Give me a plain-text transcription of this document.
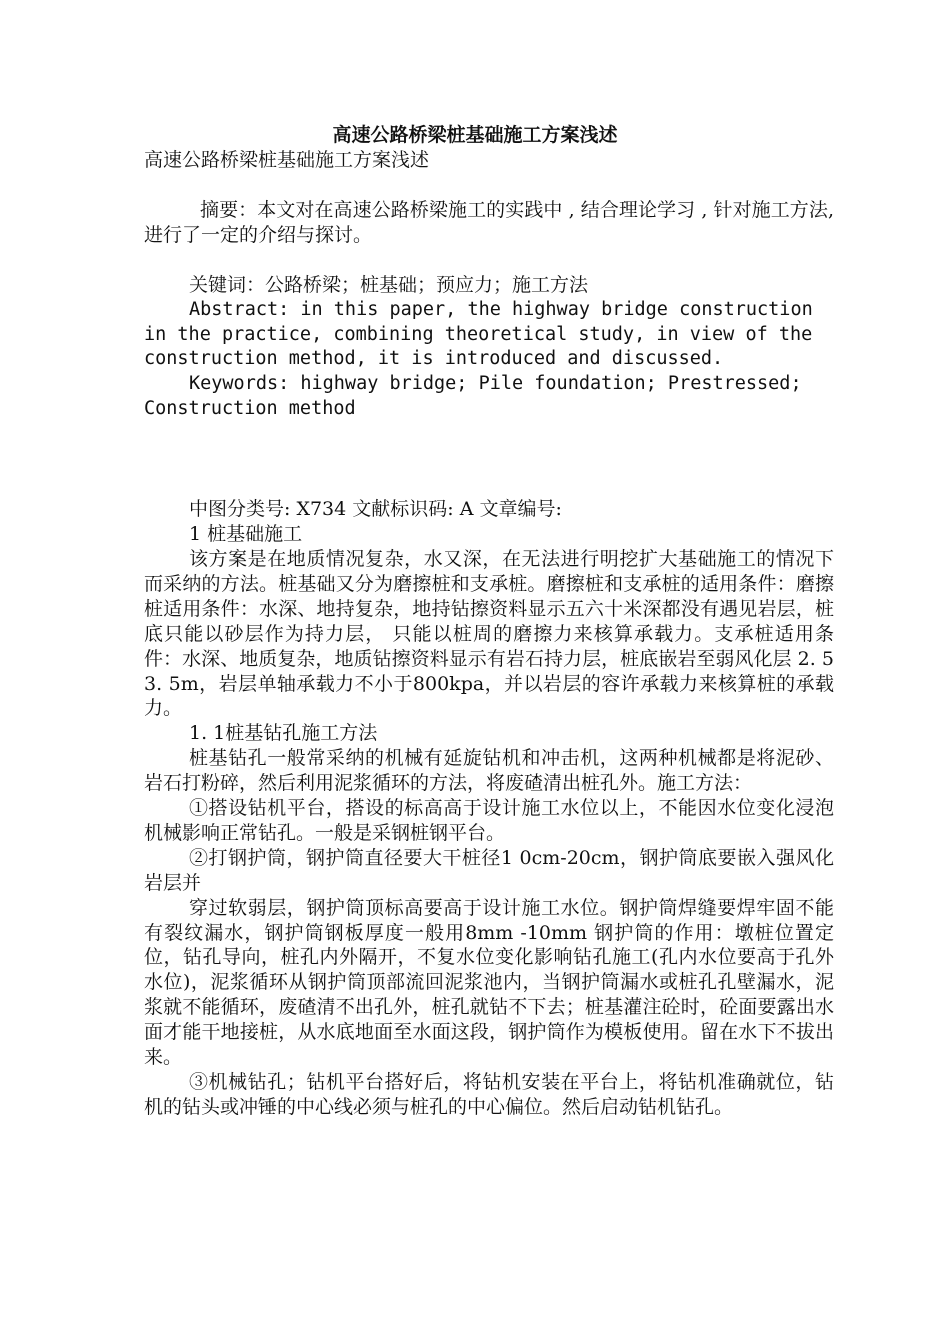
高速公路桥梁桩基础施工方案浅述

高速公路桥梁桩基础施工方案浅述

摘要：本文对在高速公路桥梁施工的实践中 , 结合理论学习 , 针对施工方法, 进行了一定的介绍与探讨。

关键词：公路桥梁；桩基础；预应力；施工方法

Abstract: in this paper, the highway bridge construction in the practice, combining theoretical study, in view of the construction method, it is introduced and discussed.

Keywords: highway bridge; Pile foundation; Prestressed; Construction method

中图分类号: X734 文献标识码: A 文章编号:

1 桩基础施工

该方案是在地质情况复杂，水又深，在无法进行明挖扩大基础施工的情况下而采纳的方法。桩基础又分为磨擦桩和支承桩。磨擦桩和支承桩的适用条件：磨擦桩适用条件：水深、地持复杂，地持钻擦资料显示五六十米深都没有遇见岩层，桩底只能以砂层作为持力层， 只能以桩周的磨擦力来核算承载力。支承桩适用条件：水深、地质复杂，地质钻擦资料显示有岩石持力层，桩底嵌岩至弱风化层 2. 5 3. 5m，岩层单轴承载力不小于800kpa，并以岩层的容许承载力来核算桩的承载力。

1. 1桩基钻孔施工方法

桩基钻孔一般常采纳的机械有延旋钻机和冲击机，这两种机械都是将泥砂、岩石打粉碎，然后利用泥浆循环的方法，将废碴清出桩孔外。施工方法：

①搭设钻机平台，搭设的标高高于设计施工水位以上，不能因水位变化浸泡机械影响正常钻孔。一般是采钢桩钢平台。

②打钢护筒，钢护筒直径要大干桩径1 0cm-20cm，钢护筒底要嵌入强风化岩层并

穿过软弱层，钢护筒顶标高要高于设计施工水位。钢护筒焊缝要焊牢固不能有裂纹漏水，钢护筒钢板厚度一般用8mm -10mm 钢护筒的作用：墩桩位置定位，钻孔导向，桩孔内外隔开，不复水位变化影响钻孔施工(孔内水位要高于孔外水位)，泥浆循环从钢护筒顶部流回泥浆池内，当钢护筒漏水或桩孔孔壁漏水，泥浆就不能循环，废碴清不出孔外，桩孔就钻不下去；桩基灌注砼时，砼面要露出水面才能干地接桩，从水底地面至水面这段，钢护筒作为模板使用。留在水下不拔出来。

③机械钻孔；钻机平台搭好后，将钻机安装在平台上，将钻机准确就位，钻机的钻头或冲锤的中心线必须与桩孔的中心偏位。然后启动钻机钻孔。
